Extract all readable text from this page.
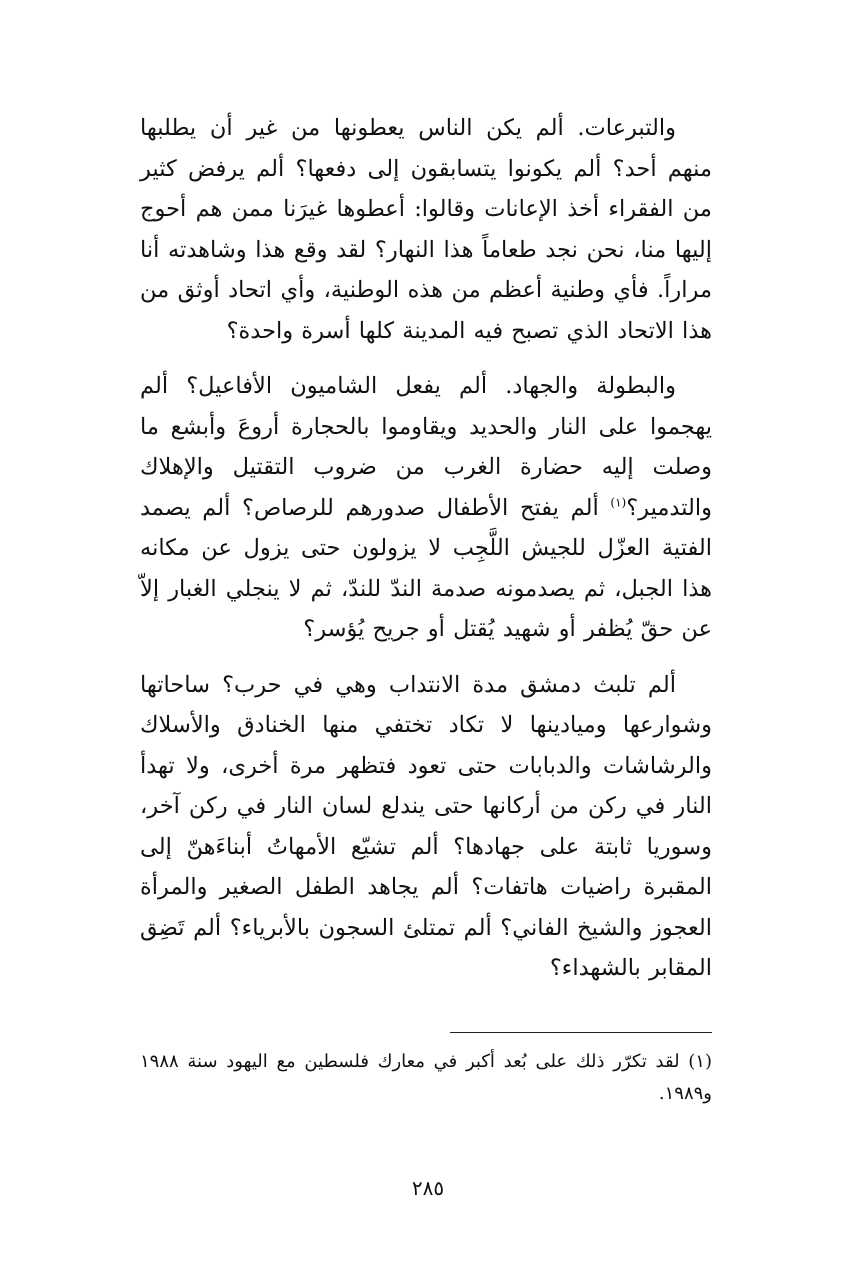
والتبرعات. ألم يكن الناس يعطونها من غير أن يطلبها منهم أحد؟ ألم يكونوا يتسابقون إلى دفعها؟ ألم يرفض كثير من الفقراء أخذ الإعانات وقالوا: أعطوها غيرَنا ممن هم أحوج إليها منا، نحن نجد طعاماً هذا النهار؟ لقد وقع هذا وشاهدته أنا مراراً. فأي وطنية أعظم من هذه الوطنية، وأي اتحاد أوثق من هذا الاتحاد الذي تصبح فيه المدينة كلها أسرة واحدة؟

والبطولة والجهاد. ألم يفعل الشاميون الأفاعيل؟ ألم يهجموا على النار والحديد ويقاوموا بالحجارة أروعَ وأبشع ما وصلت إليه حضارة الغرب من ضروب التقتيل والإهلاك والتدمير؟$^{(١)}$ ألم يفتح الأطفال صدورهم للرصاص؟ ألم يصمد الفتية العزّل للجيش اللَّجِب لا يزولون حتى يزول عن مكانه هذا الجبل، ثم يصدمونه صدمة الندّ للندّ، ثم لا ينجلي الغبار إلاّ عن حقّ يُظفر أو شهيد يُقتل أو جريح يُؤسر؟

ألم تلبث دمشق مدة الانتداب وهي في حرب؟ ساحاتها وشوارعها وميادينها لا تكاد تختفي منها الخنادق والأسلاك والرشاشات والدبابات حتى تعود فتظهر مرة أخرى، ولا تهدأ النار في ركن من أركانها حتى يندلع لسان النار في ركن آخر، وسوريا ثابتة على جهادها؟ ألم تشيّع الأمهاتُ أبناءَهنّ إلى المقبرة راضيات هاتفات؟ ألم يجاهد الطفل الصغير والمرأة العجوز والشيخ الفاني؟ ألم تمتلئ السجون بالأبرياء؟ ألم تَضِق المقابر بالشهداء؟

(١) لقد تكرّر ذلك على بُعد أكبر في معارك فلسطين مع اليهود سنة ١٩٨٨ و١٩٨٩.

٢٨٥
